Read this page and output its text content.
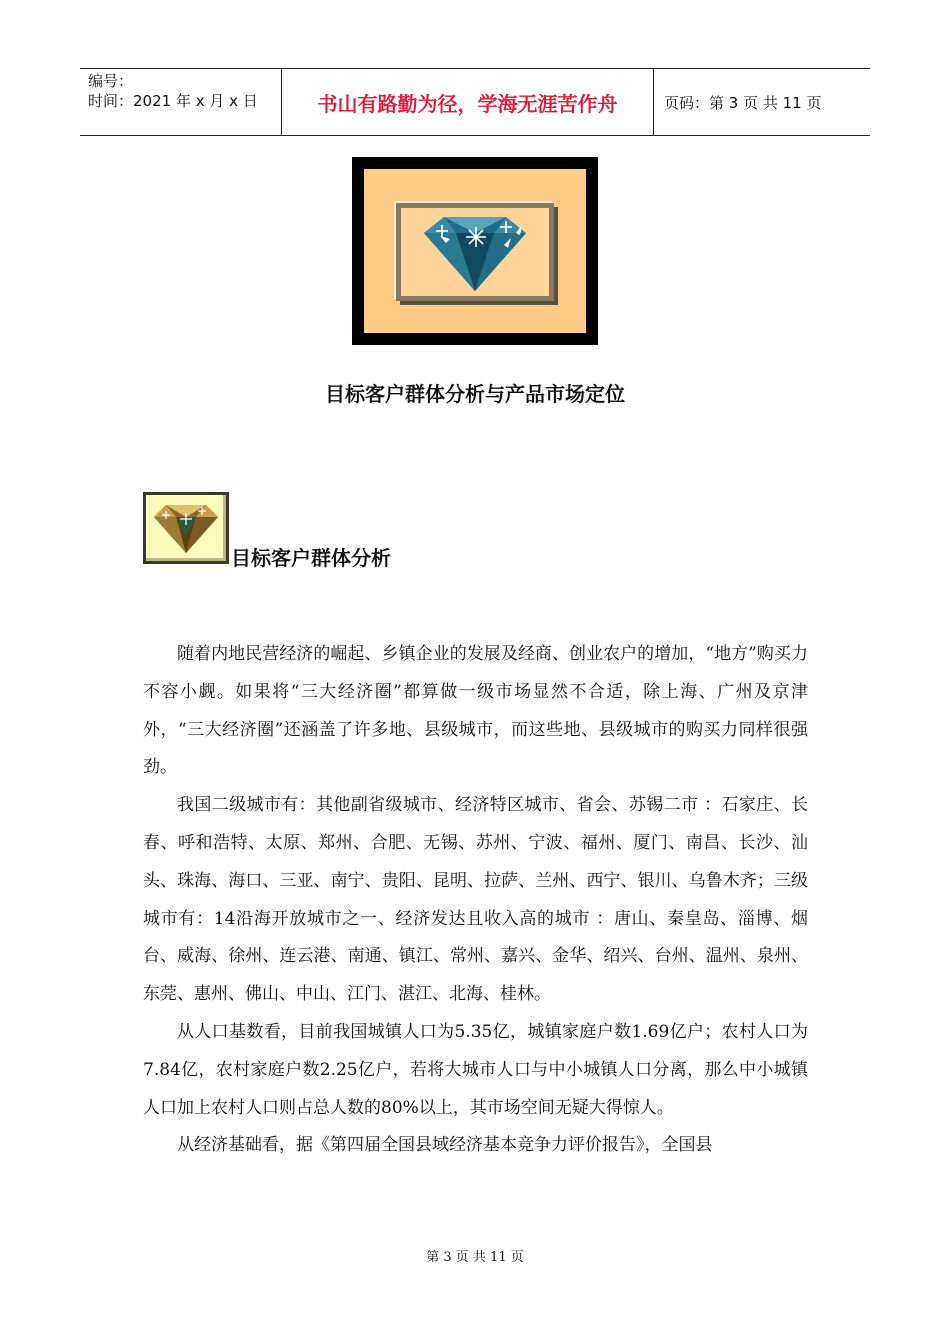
编号：
时间：2021 年 x 月 x 日	书山有路勤为径，学海无涯苦作舟	页码：第 3 页 共 11 页
目标客户群体分析与产品市场定位
目标客户群体分析

随着内地民营经济的崛起、乡镇企业的发展及经商、创业农户的增加，“地方”购买力不容小觑。如果将“三大经济圈”都算做一级市场显然不合适，除上海、广州及京津外，“三大经济圈”还涵盖了许多地、县级城市，而这些地、县级城市的购买力同样很强劲。

我国二级城市有：其他副省级城市、经济特区城市、省会、苏锡二市 ：石家庄、长春、呼和浩特、太原、郑州、合肥、无锡、苏州、宁波、福州、厦门、南昌、长沙、汕头、珠海、海口、三亚、南宁、贵阳、昆明、拉萨、兰州、西宁、银川、乌鲁木齐；三级城市有：14沿海开放城市之一、经济发达且收入高的城市 ：唐山、秦皇岛、淄博、烟台、威海、徐州、连云港、南通、镇江、常州、嘉兴、金华、绍兴、台州、温州、泉州、东莞、惠州、佛山、中山、江门、湛江、北海、桂林。

从人口基数看，目前我国城镇人口为5.35亿，城镇家庭户数1.69亿户；农村人口为7.84亿，农村家庭户数2.25亿户，若将大城市人口与中小城镇人口分离，那么中小城镇人口加上农村人口则占总人数的80%以上，其市场空间无疑大得惊人。

从经济基础看，据《第四届全国县域经济基本竞争力评价报告》，全国县

第 3 页 共 11 页
